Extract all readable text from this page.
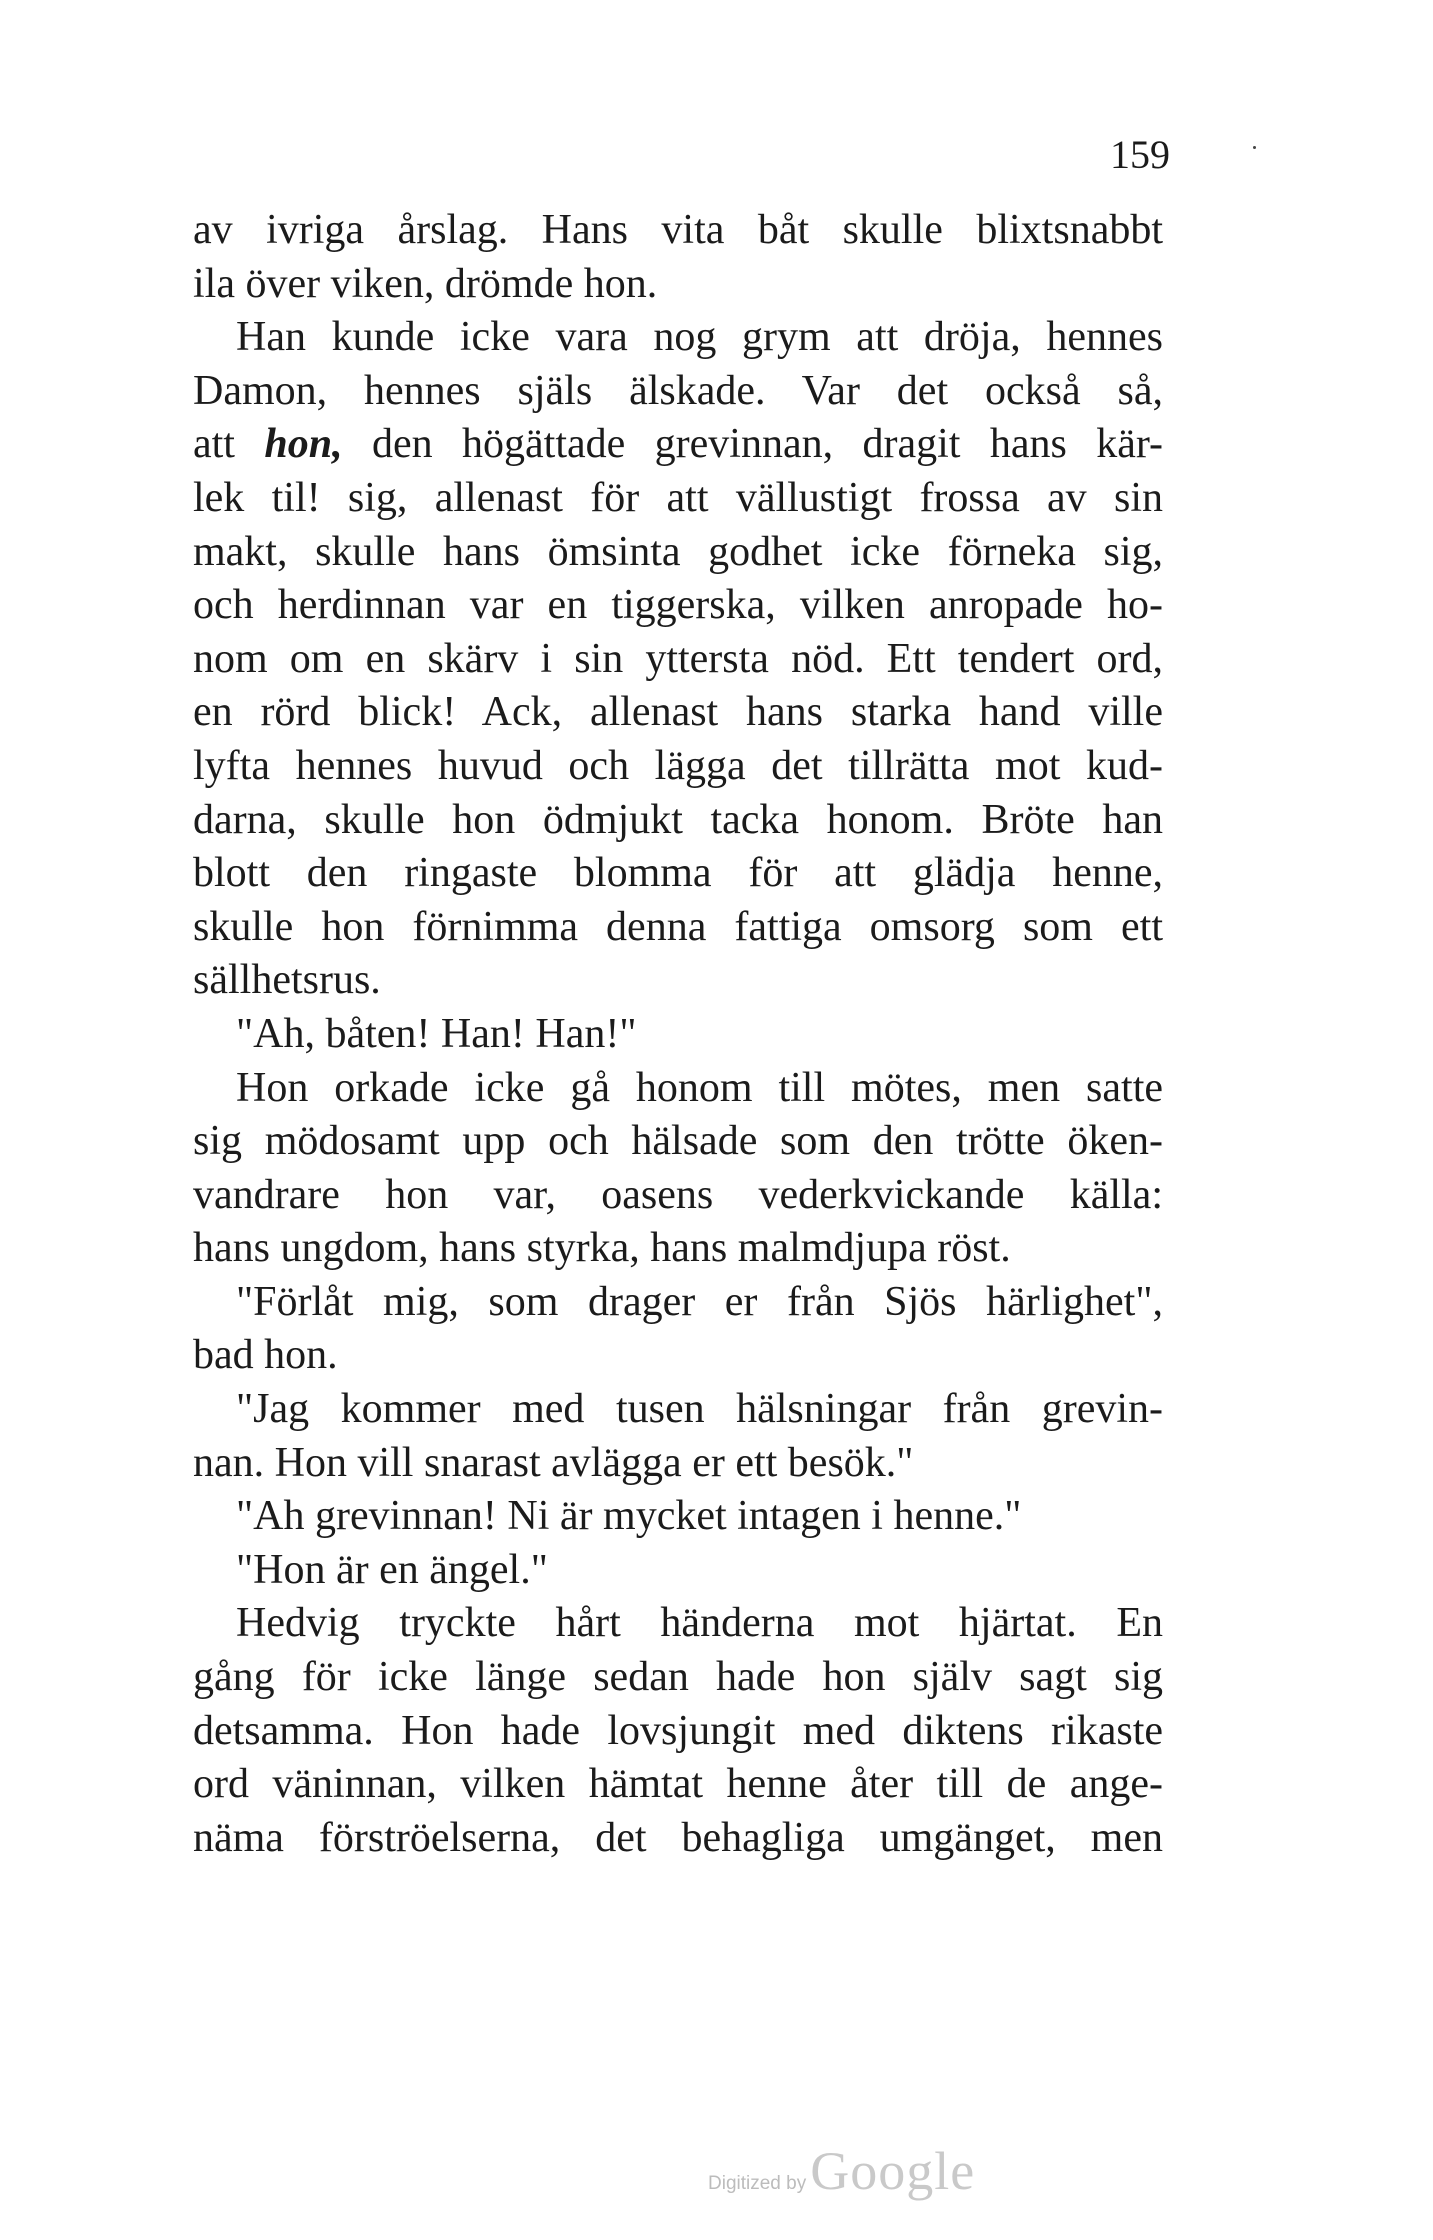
159
av ivriga årslag. Hans vita båt skulle blixtsnabbt
ila över viken, drömde hon.
Han kunde icke vara nog grym att dröja, hennes
Damon, hennes själs älskade. Var det också så,
att hon, den högättade grevinnan, dragit hans kär-
lek til! sig, allenast för att vällustigt frossa av sin
makt, skulle hans ömsinta godhet icke förneka sig,
och herdinnan var en tiggerska, vilken anropade ho-
nom om en skärv i sin yttersta nöd. Ett tendert ord,
en rörd blick! Ack, allenast hans starka hand ville
lyfta hennes huvud och lägga det tillrätta mot kud-
darna, skulle hon ödmjukt tacka honom. Bröte han
blott den ringaste blomma för att glädja henne,
skulle hon förnimma denna fattiga omsorg som ett
sällhetsrus.
"Ah, båten! Han! Han!"
Hon orkade icke gå honom till mötes, men satte
sig mödosamt upp och hälsade som den trötte öken-
vandrare hon var, oasens vederkvickande källa:
hans ungdom, hans styrka, hans malmdjupa röst.
"Förlåt mig, som drager er från Sjös härlighet",
bad hon.
"Jag kommer med tusen hälsningar från grevin-
nan. Hon vill snarast avlägga er ett besök."
"Ah grevinnan! Ni är mycket intagen i henne."
"Hon är en ängel."
Hedvig tryckte hårt händerna mot hjärtat. En
gång för icke länge sedan hade hon själv sagt sig
detsamma. Hon hade lovsjungit med diktens rikaste
ord väninnan, vilken hämtat henne åter till de ange-
näma förströelserna, det behagliga umgänget, men
Digitized by Google
